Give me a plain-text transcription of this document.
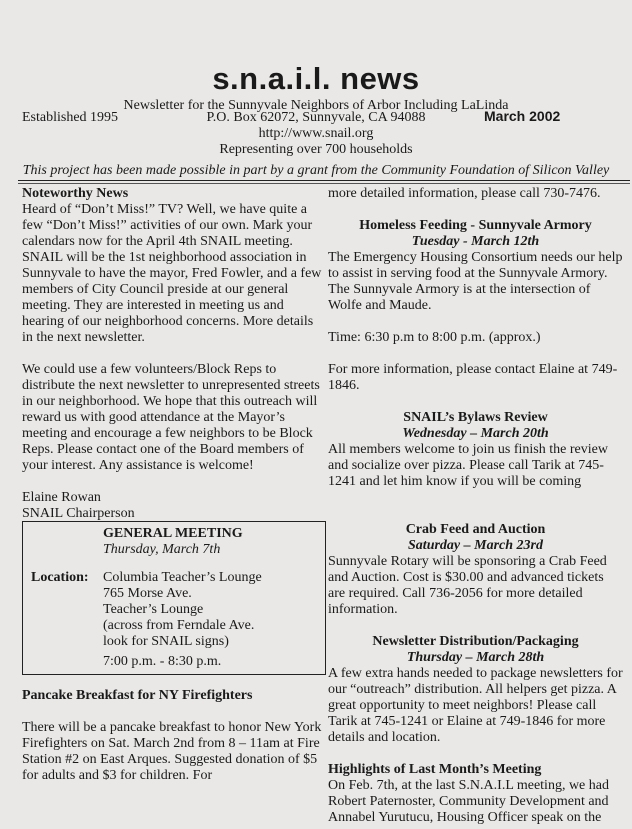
s.n.a.i.l. news
Newsletter for the Sunnyvale Neighbors of Arbor Including LaLinda
Established 1995	P.O. Box 62072, Sunnyvale, CA 94088	March 2002
http://www.snail.org
Representing over 700 households
This project has been made possible in part by a grant from the Community Foundation of Silicon Valley

Noteworthy News

Heard of “Don’t Miss!” TV? Well, we have quite a few “Don’t Miss!” activities of our own. Mark your calendars now for the April 4th SNAIL meeting. SNAIL will be the 1st neighborhood association in Sunnyvale to have the mayor, Fred Fowler, and a few members of City Council preside at our general meeting. They are interested in meeting us and hearing of our neighborhood concerns. More details in the next newsletter.

We could use a few volunteers/Block Reps to distribute the next newsletter to unrepresented streets in our neighborhood. We hope that this outreach will reward us with good attendance at the Mayor’s meeting and encourage a few neighbors to be Block Reps. Please contact one of the Board members of your interest. Any assistance is welcome!

Elaine Rowan

SNAIL Chairperson

GENERAL MEETING
Thursday, March 7th
Location: Columbia Teacher’s Lounge
765 Morse Ave.
Teacher’s Lounge
(across from Ferndale Ave.
look for SNAIL signs)
7:00 p.m. - 8:30 p.m.

Pancake Breakfast for NY Firefighters

There will be a pancake breakfast to honor New York Firefighters on Sat. March 2nd from 8 – 11am at Fire Station #2 on East Arques. Suggested donation of $5 for adults and $3 for children. For

more detailed information, please call 730-7476.

Homeless Feeding - Sunnyvale Armory

Tuesday - March 12th

The Emergency Housing Consortium needs our help to assist in serving food at the Sunnyvale Armory. The Sunnyvale Armory is at the intersection of Wolfe and Maude.

Time: 6:30 p.m to 8:00 p.m. (approx.)

For more information, please contact Elaine at 749-1846.

SNAIL’s Bylaws Review

Wednesday – March 20th

All members welcome to join us finish the review and socialize over pizza. Please call Tarik at 745-1241 and let him know if you will be coming

Crab Feed and Auction

Saturday – March 23rd

Sunnyvale Rotary will be sponsoring a Crab Feed and Auction. Cost is $30.00 and advanced tickets are required. Call 736-2056 for more detailed information.

Newsletter Distribution/Packaging

Thursday – March 28th

A few extra hands needed to package newsletters for our “outreach” distribution. All helpers get pizza. A great opportunity to meet neighbors! Please call Tarik at 745-1241 or Elaine at 749-1846 for more details and location.

Highlights of Last Month’s Meeting

On Feb. 7th, at the last S.N.A.I.L meeting, we had Robert Paternoster, Community Development and Annabel Yurutucu, Housing Officer speak on the
